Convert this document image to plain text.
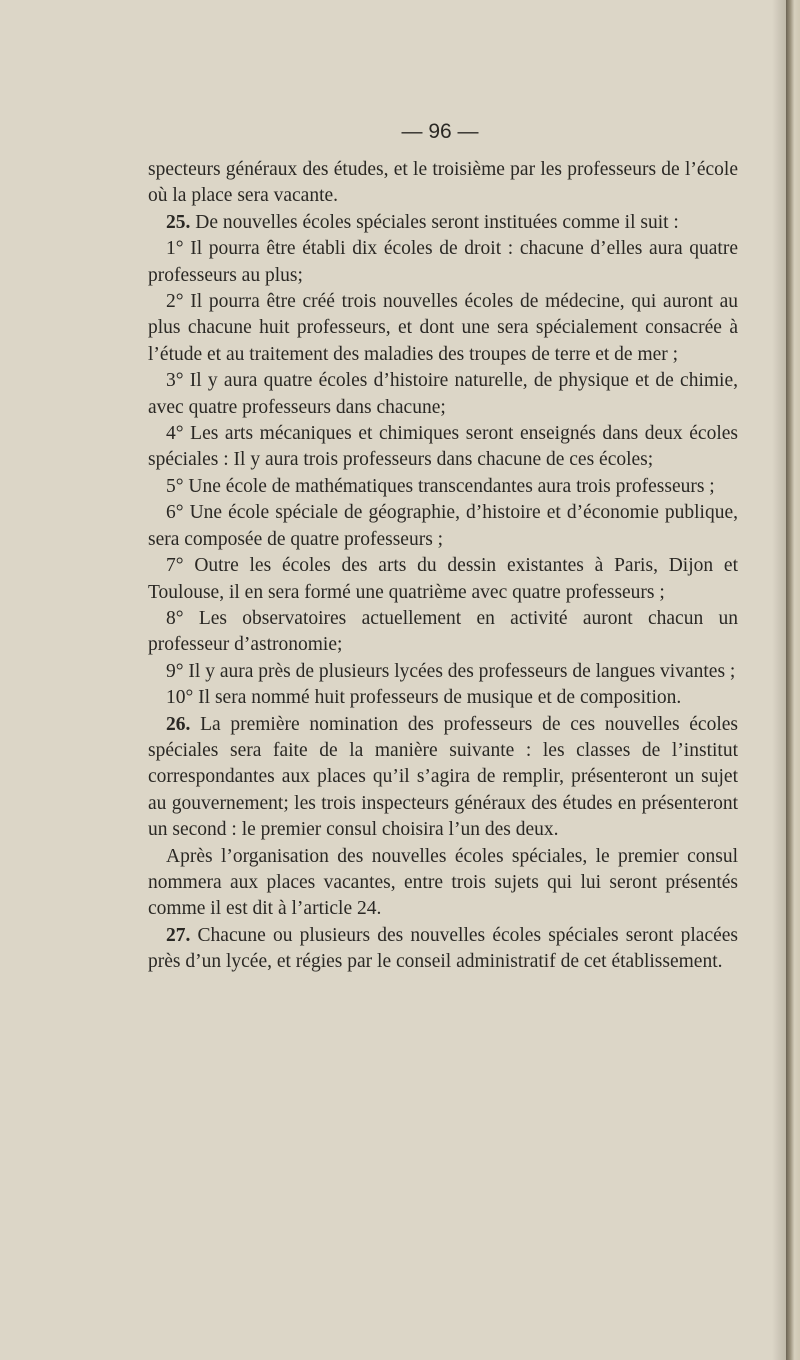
— 96 —

specteurs généraux des études, et le troisième par les professeurs de l’école où la place sera vacante.

25. De nouvelles écoles spéciales seront instituées comme il suit :

1° Il pourra être établi dix écoles de droit : chacune d’elles aura quatre professeurs au plus;

2° Il pourra être créé trois nouvelles écoles de médecine, qui auront au plus chacune huit professeurs, et dont une sera spécialement consacrée à l’étude et au traitement des maladies des troupes de terre et de mer ;

3° Il y aura quatre écoles d’histoire naturelle, de physique et de chimie, avec quatre professeurs dans chacune;

4° Les arts mécaniques et chimiques seront enseignés dans deux écoles spéciales : Il y aura trois professeurs dans chacune de ces écoles;

5° Une école de mathématiques transcendantes aura trois professeurs ;

6° Une école spéciale de géographie, d’histoire et d’économie publique, sera composée de quatre professeurs ;

7° Outre les écoles des arts du dessin existantes à Paris, Dijon et Toulouse, il en sera formé une quatrième avec quatre professeurs ;

8° Les observatoires actuellement en activité auront chacun un professeur d’astronomie;

9° Il y aura près de plusieurs lycées des professeurs de langues vivantes ;

10° Il sera nommé huit professeurs de musique et de composition.

26. La première nomination des professeurs de ces nouvelles écoles spéciales sera faite de la manière suivante : les classes de l’institut correspondantes aux places qu’il s’agira de remplir, présenteront un sujet au gouvernement; les trois inspecteurs généraux des études en présenteront un second : le premier consul choisira l’un des deux.

Après l’organisation des nouvelles écoles spéciales, le premier consul nommera aux places vacantes, entre trois sujets qui lui seront présentés comme il est dit à l’article 24.

27. Chacune ou plusieurs des nouvelles écoles spéciales seront placées près d’un lycée, et régies par le conseil administratif de cet établissement.
